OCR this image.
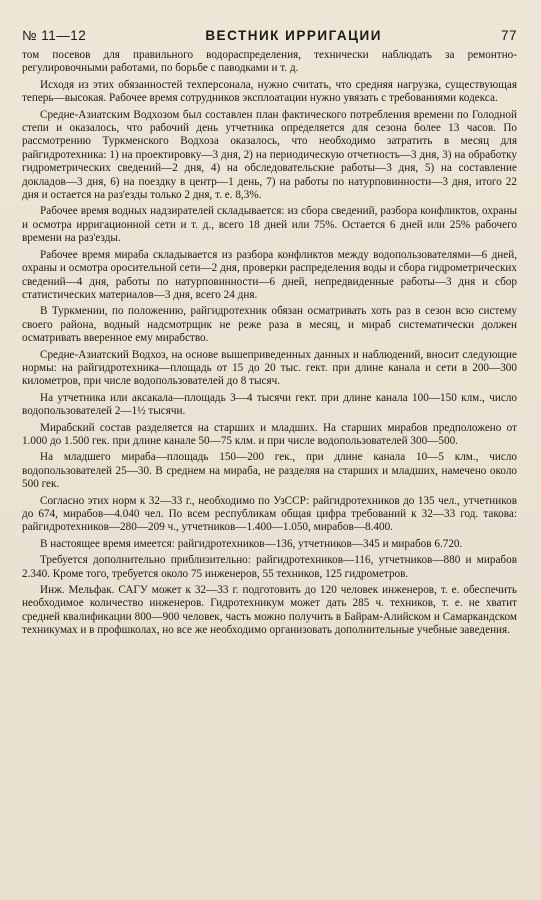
№ 11—12	ВЕСТНИК ИРРИГАЦИИ	77

том посевов для правильного водораспределения, технически наблюдать за ремонтно-регулировочными работами, по борьбе с паводками и т. д.

Исходя из этих обязанностей техперсонала, нужно считать, что средняя нагрузка, существующая теперь—высокая. Рабочее время сотрудников эксплоатации нужно увязать с требованиями кодекса.

Средне-Азиатским Водхозом был составлен план фактического потребления времени по Голодной степи и оказалось, что рабочий день утчетника определяется для сезона более 13 часов. По рассмотрению Туркменского Водхоза оказалось, что необходимо затратить в месяц для райгидротехника: 1) на проектировку—3 дня, 2) на периодическую отчетность—3 дня, 3) на обработку гидрометрических сведений—2 дня, 4) на обследовательские работы—3 дня, 5) на составление докладов—3 дня, 6) на поездку в центр—1 день, 7) на работы по натурповинности—3 дня, итого 22 дня и остается на раз'езды только 2 дня, т. е. 8,3%.

Рабочее время водных надзирателей складывается: из сбора сведений, разбора конфликтов, охраны и осмотра ирригационной сети и т. д., всего 18 дней или 75%. Остается 6 дней или 25% рабочего времени на раз'езды.

Рабочее время мираба складывается из разбора конфликтов между водопользователями—6 дней, охраны и осмотра оросительной сети—2 дня, проверки распределения воды и сбора гидрометрических сведений—4 дня, работы по натурповинности—6 дней, непредвиденные работы—3 дня и сбор статистических материалов—3 дня, всего 24 дня.

В Туркмении, по положению, райгидротехник обязан осматривать хоть раз в сезон всю систему своего района, водный надсмотрщик не реже раза в месяц, и мираб систематически должен осматривать вверенное ему мирабство.

Средне-Азиатский Водхоз, на основе вышеприведенных данных и наблюдений, вносит следующие нормы: на райгидротехника—площадь от 15 до 20 тыс. гект. при длине канала и сети в 200—300 километров, при числе водопользователей до 8 тысяч.

На утчетника или аксакала—площадь 3—4 тысячи гект. при длине канала 100—150 клм., число водопользователей 2—1½ тысячи.

Мирабский состав разделяется на старших и младших. На старших мирабов предположено от 1.000 до 1.500 гек. при длине канале 50—75 клм. и при числе водопользователей 300—500.

На младшего мираба—площадь 150—200 гек., при длине канала 10—5 клм., число водопользователей 25—30. В среднем на мираба, не разделяя на старших и младших, намечено около 500 гек.

Согласно этих норм к 32—33 г., необходимо по УзССР: райгидротехников до 135 чел., утчетников до 674, мирабов—4.040 чел. По всем республикам общая цифра требований к 32—33 год. такова: райгидротехников—280—209 ч., утчетников—1.400—1.050, мирабов—8.400.

В настоящее время имеется: райгидротехников—136, утчетников—345 и мирабов 6.720.

Требуется дополнительно приблизительно: райгидротехников—116, утчетников—880 и мирабов 2.340. Кроме того, требуется около 75 инженеров, 55 техников, 125 гидрометров.

Инж. Мельфак. САГУ может к 32—33 г. подготовить до 120 человек инженеров, т. е. обеспечить необходимое количество инженеров. Гидротехникум может дать 285 ч. техников, т. е. не хватит средней квалификации 800—900 человек, часть можно получить в Байрам-Алийском и Самаркандском техникумах и в профшколах, но все же необходимо организовать дополнительные учебные заведения.
